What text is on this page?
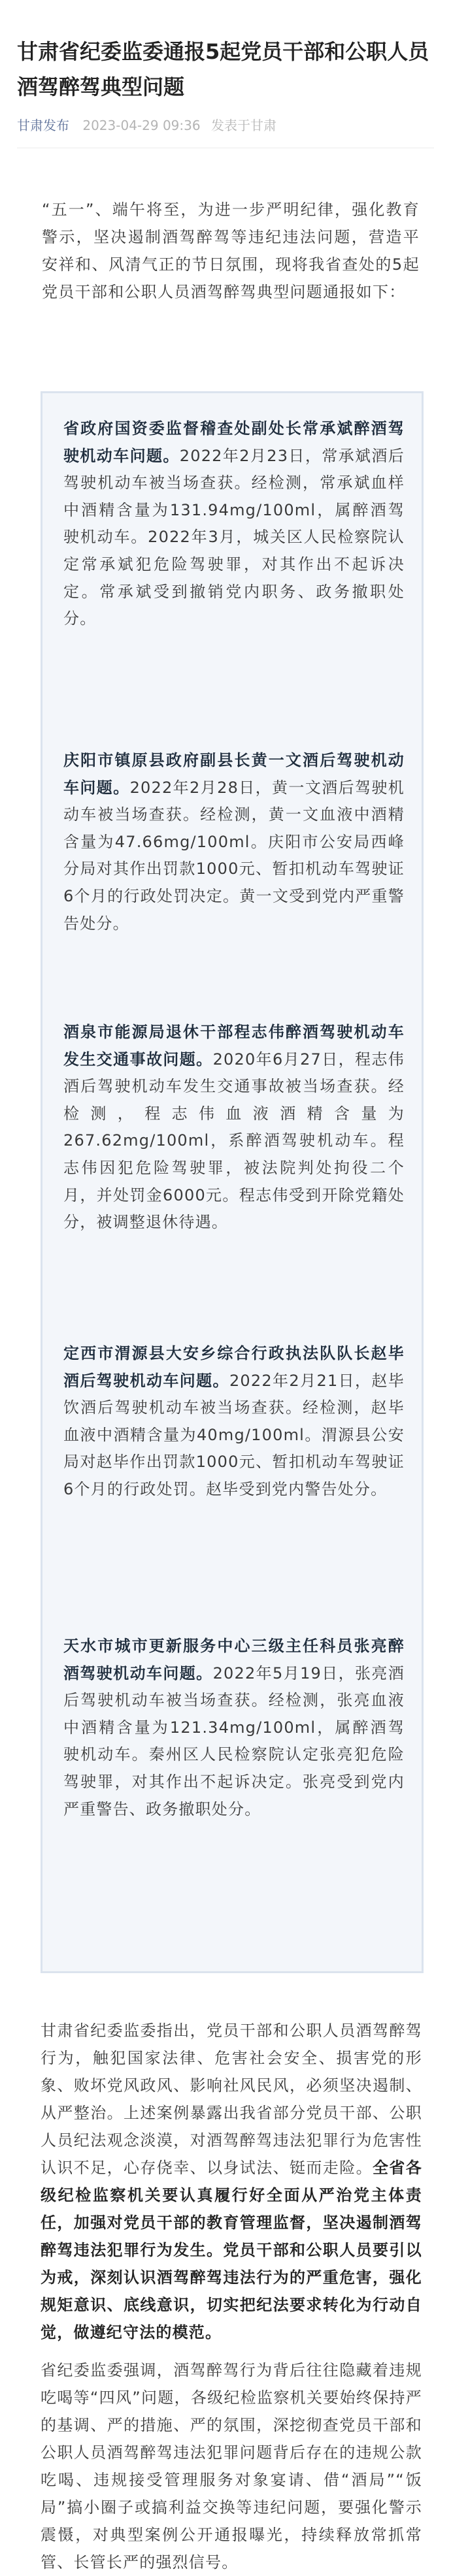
甘肃省纪委监委通报5起党员干部和公职人员酒驾醉驾典型问题
甘肃发布 2023-04-29 09:36 发表于甘肃

“五一”、端午将至，为进一步严明纪律，强化教育警示，坚决遏制酒驾醉驾等违纪违法问题，营造平安祥和、风清气正的节日氛围，现将我省查处的5起党员干部和公职人员酒驾醉驾典型问题通报如下：

省政府国资委监督稽查处副处长常承斌醉酒驾驶机动车问题。2022年2月23日，常承斌酒后驾驶机动车被当场查获。经检测，常承斌血样中酒精含量为131.94mg/100ml，属醉酒驾驶机动车。2022年3月，城关区人民检察院认定常承斌犯危险驾驶罪，对其作出不起诉决定。常承斌受到撤销党内职务、政务撤职处分。

庆阳市镇原县政府副县长黄一文酒后驾驶机动车问题。2022年2月28日，黄一文酒后驾驶机动车被当场查获。经检测，黄一文血液中酒精含量为47.66mg/100ml。庆阳市公安局西峰分局对其作出罚款1000元、暂扣机动车驾驶证6个月的行政处罚决定。黄一文受到党内严重警告处分。

酒泉市能源局退休干部程志伟醉酒驾驶机动车发生交通事故问题。2020年6月27日，程志伟酒后驾驶机动车发生交通事故被当场查获。经检测，程志伟血液酒精含量为267.62mg/100ml，系醉酒驾驶机动车。程志伟因犯危险驾驶罪，被法院判处拘役二个月，并处罚金6000元。程志伟受到开除党籍处分，被调整退休待遇。

定西市渭源县大安乡综合行政执法队队长赵毕酒后驾驶机动车问题。2022年2月21日，赵毕饮酒后驾驶机动车被当场查获。经检测，赵毕血液中酒精含量为40mg/100ml。渭源县公安局对赵毕作出罚款1000元、暂扣机动车驾驶证6个月的行政处罚。赵毕受到党内警告处分。

天水市城市更新服务中心三级主任科员张亮醉酒驾驶机动车问题。2022年5月19日，张亮酒后驾驶机动车被当场查获。经检测，张亮血液中酒精含量为121.34mg/100ml，属醉酒驾驶机动车。秦州区人民检察院认定张亮犯危险驾驶罪，对其作出不起诉决定。张亮受到党内严重警告、政务撤职处分。

甘肃省纪委监委指出，党员干部和公职人员酒驾醉驾行为，触犯国家法律、危害社会安全、损害党的形象、败坏党风政风、影响社风民风，必须坚决遏制、从严整治。上述案例暴露出我省部分党员干部、公职人员纪法观念淡漠，对酒驾醉驾违法犯罪行为危害性认识不足，心存侥幸、以身试法、铤而走险。全省各级纪检监察机关要认真履行好全面从严治党主体责任，加强对党员干部的教育管理监督，坚决遏制酒驾醉驾违法犯罪行为发生。党员干部和公职人员要引以为戒，深刻认识酒驾醉驾违法行为的严重危害，强化规矩意识、底线意识，切实把纪法要求转化为行动自觉，做遵纪守法的模范。

省纪委监委强调，酒驾醉驾行为背后往往隐藏着违规吃喝等“四风”问题，各级纪检监察机关要始终保持严的基调、严的措施、严的氛围，深挖彻查党员干部和公职人员酒驾醉驾违法犯罪问题背后存在的违规公款吃喝、违规接受管理服务对象宴请、借“酒局”“饭局”搞小圈子或搞利益交换等违纪问题，要强化警示震慑，对典型案例公开通报曝光，持续释放常抓常管、长管长严的强烈信号。
